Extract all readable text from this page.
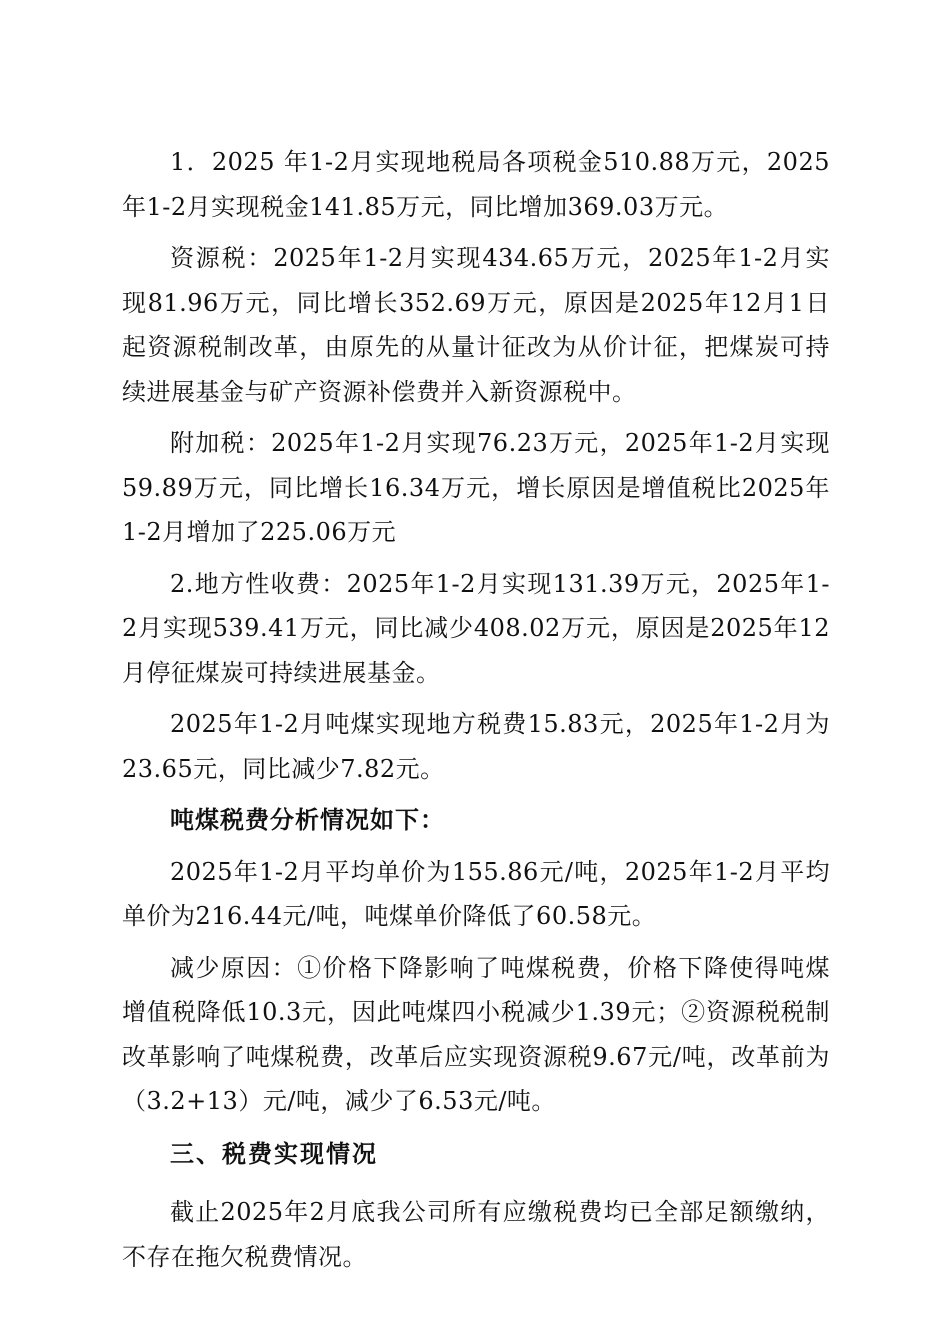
1．2025 年1-2月实现地税局各项税金510.88万元，2025年1-2月实现税金141.85万元，同比增加369.03万元。

资源税：2025年1-2月实现434.65万元，2025年1-2月实现81.96万元，同比增长352.69万元，原因是2025年12月1日起资源税制改革，由原先的从量计征改为从价计征，把煤炭可持续进展基金与矿产资源补偿费并入新资源税中。

附加税：2025年1-2月实现76.23万元，2025年1-2月实现59.89万元，同比增长16.34万元，增长原因是增值税比2025年1-2月增加了225.06万元

2.地方性收费：2025年1-2月实现131.39万元，2025年1-2月实现539.41万元，同比减少408.02万元，原因是2025年12月停征煤炭可持续进展基金。

2025年1-2月吨煤实现地方税费15.83元，2025年1-2月为23.65元，同比减少7.82元。

吨煤税费分析情况如下：

2025年1-2月平均单价为155.86元/吨，2025年1-2月平均单价为216.44元/吨，吨煤单价降低了60.58元。

减少原因：①价格下降影响了吨煤税费，价格下降使得吨煤增值税降低10.3元，因此吨煤四小税减少1.39元；②资源税税制改革影响了吨煤税费，改革后应实现资源税9.67元/吨，改革前为（3.2+13）元/吨，减少了6.53元/吨。

三、税费实现情况

截止2025年2月底我公司所有应缴税费均已全部足额缴纳，不存在拖欠税费情况。
